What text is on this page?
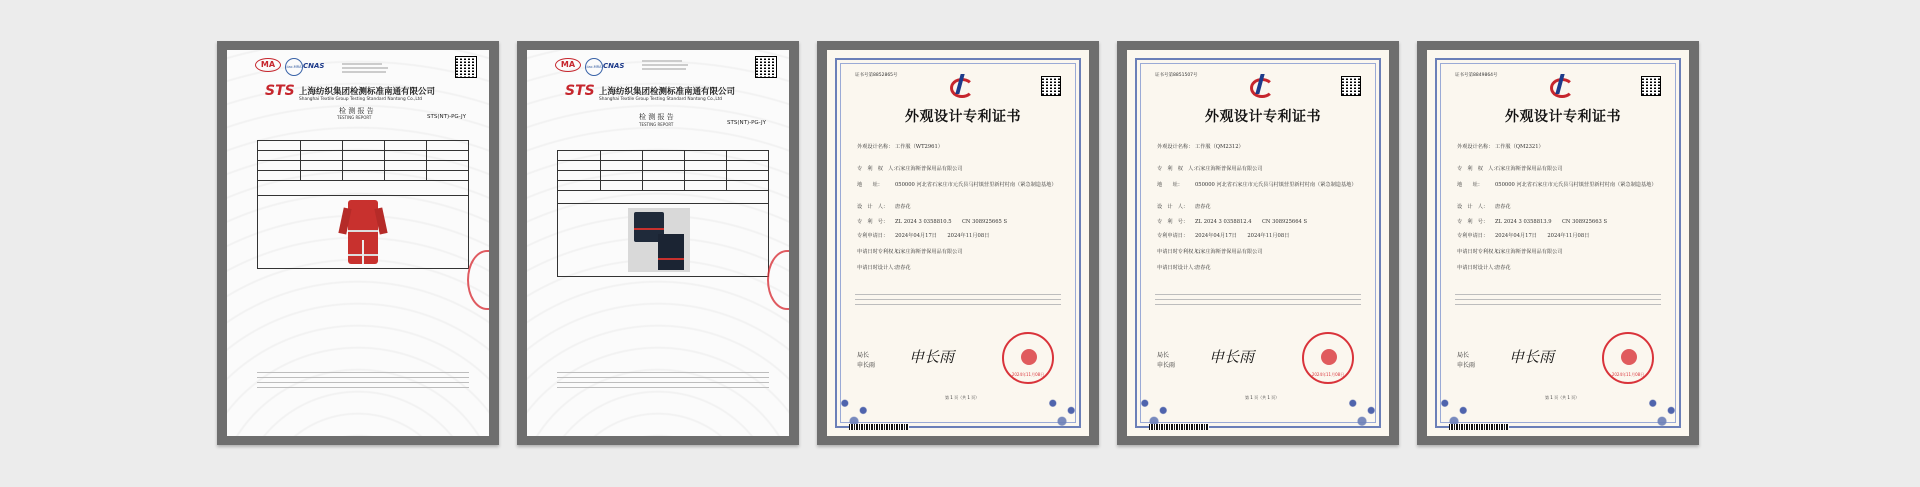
MA	ilac-MRA CNAS
STS 上海纺织集团检测标准南通有限公司
Shanghai Textile Group Testing Standard Nantong Co.,Ltd
检 测 报 告
TESTING REPORT	STS(NT)-PG-JY

MA	ilac-MRA CNAS
STS 上海纺织集团检测标准南通有限公司
Shanghai Textile Group Testing Standard Nantong Co.,Ltd
检 测 报 告
TESTING REPORT	STS(NT)-PG-JY

证书号第8852865号
外观设计专利证书
外观设计名称： 工作服（WT2961）
专　利　权　人：石家庄海斯普保用品有限公司
地　　址： 050000 河北省石家庄市元氏县马村镇营里新村村南（紧急制造基地）
设　计　人： 唐春花
专　利　号： ZL 2024 3 0358810.5　　 CN 308925665 S
专利申请日： 2024年04月17日　　 2024年11月08日
申请日时专利权人：石家庄海斯普保用品有限公司
申请日时设计人：唐春花
局长
申长雨 申长雨
2024年11月08日
第 1 页（共 1 页）
证书号第8851507号
外观设计专利证书
外观设计名称： 工作服（QM2312）
专　利　权　人：石家庄海斯普保用品有限公司
地　　址： 050000 河北省石家庄市元氏县马村镇营里新村村南（紧急制造基地）
设　计　人： 唐春花
专　利　号： ZL 2024 3 0358812.4　　 CN 308925664 S
专利申请日： 2024年04月17日　　 2024年11月08日
申请日时专利权人：石家庄海斯普保用品有限公司
申请日时设计人：唐春花
局长
申长雨 申长雨
2024年11月08日
第 1 页（共 1 页）
证书号第8849864号
外观设计专利证书
外观设计名称： 工作服（QM2321）
专　利　权　人：石家庄海斯普保用品有限公司
地　　址： 050000 河北省石家庄市元氏县马村镇营里新村村南（紧急制造基地）
设　计　人： 唐春花
专　利　号： ZL 2024 3 0358813.9　　 CN 308925663 S
专利申请日： 2024年04月17日　　 2024年11月08日
申请日时专利权人：石家庄海斯普保用品有限公司
申请日时设计人：唐春花
局长
申长雨 申长雨
2024年11月08日
第 1 页（共 1 页）
